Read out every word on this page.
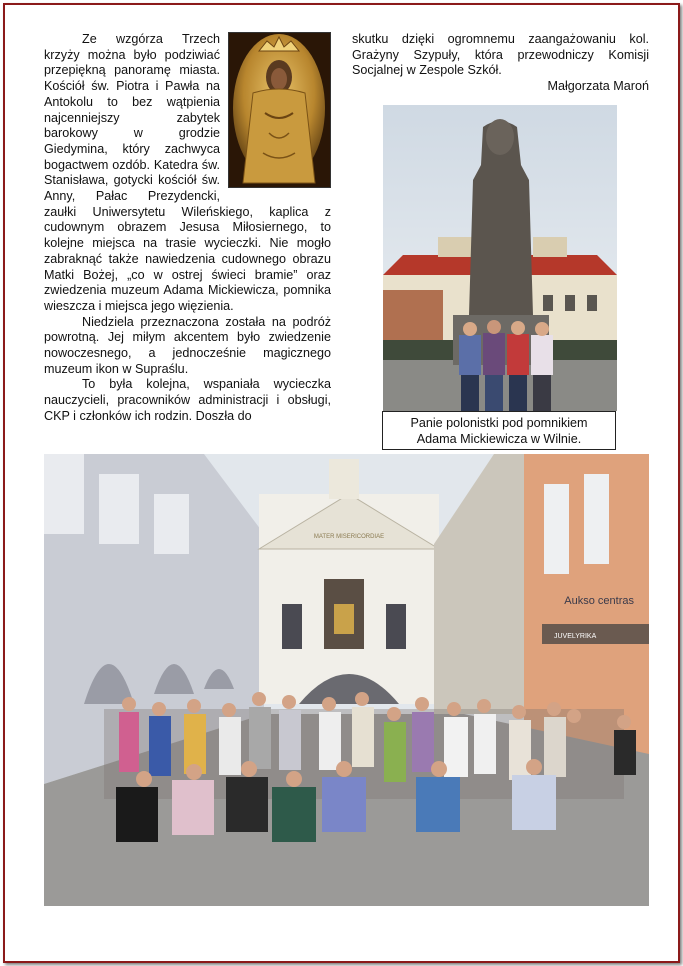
Ze wzgórza Trzech krzyży można było podziwiać przepiękną panoramę miasta. Kościół św. Piotra i Pawła na Antokolu to bez wątpienia najcenniejszy zabytek barokowy w grodzie Giedymina, który zachwyca bogactwem ozdób. Katedra św. Stanisława, gotycki kościół św. Anny, Pałac Prezydencki, zaułki Uniwersytetu Wileńskiego, kaplica z cudownym obrazem Jesusa Miłosiernego, to kolejne miejsca na trasie wycieczki. Nie mogło zabraknąć także nawiedzenia cudownego obrazu Matki Bożej, „co w ostrej świeci bramie” oraz zwiedzenia muzeum Adama Mickiewicza, pomnika wieszcza i miejsca jego więzienia.

Niedziela przeznaczona została na podróż powrotną. Jej miłym akcentem było zwiedzenie nowoczesnego, a jednocześnie magicznego muzeum ikon w Supraślu.

To była kolejna, wspaniała wycieczka nauczycieli, pracowników administracji i obsługi, CKP i członków ich rodzin. Doszła do

skutku dzięki ogromnemu zaangażowaniu kol. Grażyny Szypuły, która przewodniczy Komisji Socjalnej w Zespole Szkół.
Małgorzata Maroń
Panie polonistki pod pomnikiem
Adama Mickiewicza w Wilnie.
MATER MISERICORDIAE
Aukso centras
JUVELYRIKA
